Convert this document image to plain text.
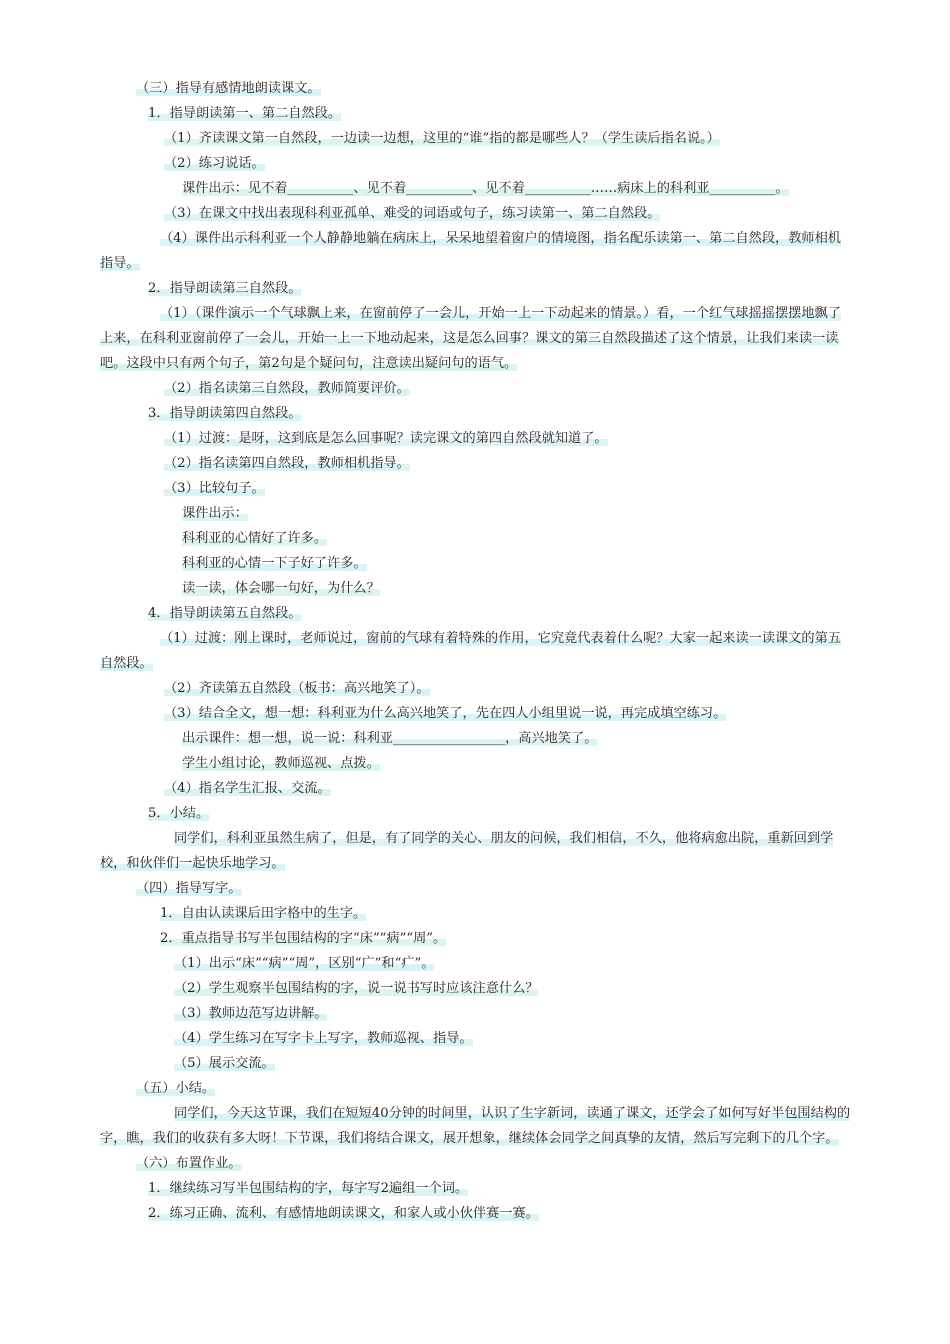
（三）指导有感情地朗读课文。
1．指导朗读第一、第二自然段。
（1）齐读课文第一自然段，一边读一边想，这里的“谁”指的都是哪些人？（学生读后指名说。）
（2）练习说话。
课件出示：见不着__________、见不着__________、见不着__________……病床上的科利亚__________。
（3）在课文中找出表现科利亚孤单、难受的词语或句子，练习读第一、第二自然段。
（4）课件出示科利亚一个人静静地躺在病床上，呆呆地望着窗户的情境图，指名配乐读第一、第二自然段，教师相机指导。
2．指导朗读第三自然段。
（1）（课件演示一个气球飘上来，在窗前停了一会儿，开始一上一下动起来的情景。）看，一个红气球摇摇摆摆地飘了上来，在科利亚窗前停了一会儿，开始一上一下地动起来，这是怎么回事？课文的第三自然段描述了这个情景，让我们来读一读吧。这段中只有两个句子，第2句是个疑问句，注意读出疑问句的语气。
（2）指名读第三自然段，教师简要评价。
3．指导朗读第四自然段。
（1）过渡：是呀，这到底是怎么回事呢？读完课文的第四自然段就知道了。
（2）指名读第四自然段，教师相机指导。
（3）比较句子。
课件出示：
科利亚的心情好了许多。
科利亚的心情一下子好了许多。
读一读，体会哪一句好，为什么？
4．指导朗读第五自然段。
（1）过渡：刚上课时，老师说过，窗前的气球有着特殊的作用，它究竟代表着什么呢？大家一起来读一读课文的第五自然段。
（2）齐读第五自然段（板书：高兴地笑了）。
（3）结合全文，想一想：科利亚为什么高兴地笑了，先在四人小组里说一说，再完成填空练习。
出示课件：想一想，说一说：科利亚_________________，高兴地笑了。
学生小组讨论，教师巡视、点拨。
（4）指名学生汇报、交流。
5．小结。
同学们，科利亚虽然生病了，但是，有了同学的关心、朋友的问候，我们相信，不久，他将病愈出院，重新回到学校，和伙伴们一起快乐地学习。
（四）指导写字。
1．自由认读课后田字格中的生字。
2．重点指导书写半包围结构的字“床”“病”“周”。
（1）出示“床”“病”“周”，区别“广”和“疒”。
（2）学生观察半包围结构的字，说一说书写时应该注意什么？
（3）教师边范写边讲解。
（4）学生练习在写字卡上写字，教师巡视、指导。
（5）展示交流。
（五）小结。
同学们，今天这节课，我们在短短40分钟的时间里，认识了生字新词，读通了课文，还学会了如何写好半包围结构的字，瞧，我们的收获有多大呀！下节课，我们将结合课文，展开想象，继续体会同学之间真挚的友情，然后写完剩下的几个字。
（六）布置作业。
1．继续练习写半包围结构的字，每字写2遍组一个词。
2．练习正确、流利、有感情地朗读课文，和家人或小伙伴赛一赛。
